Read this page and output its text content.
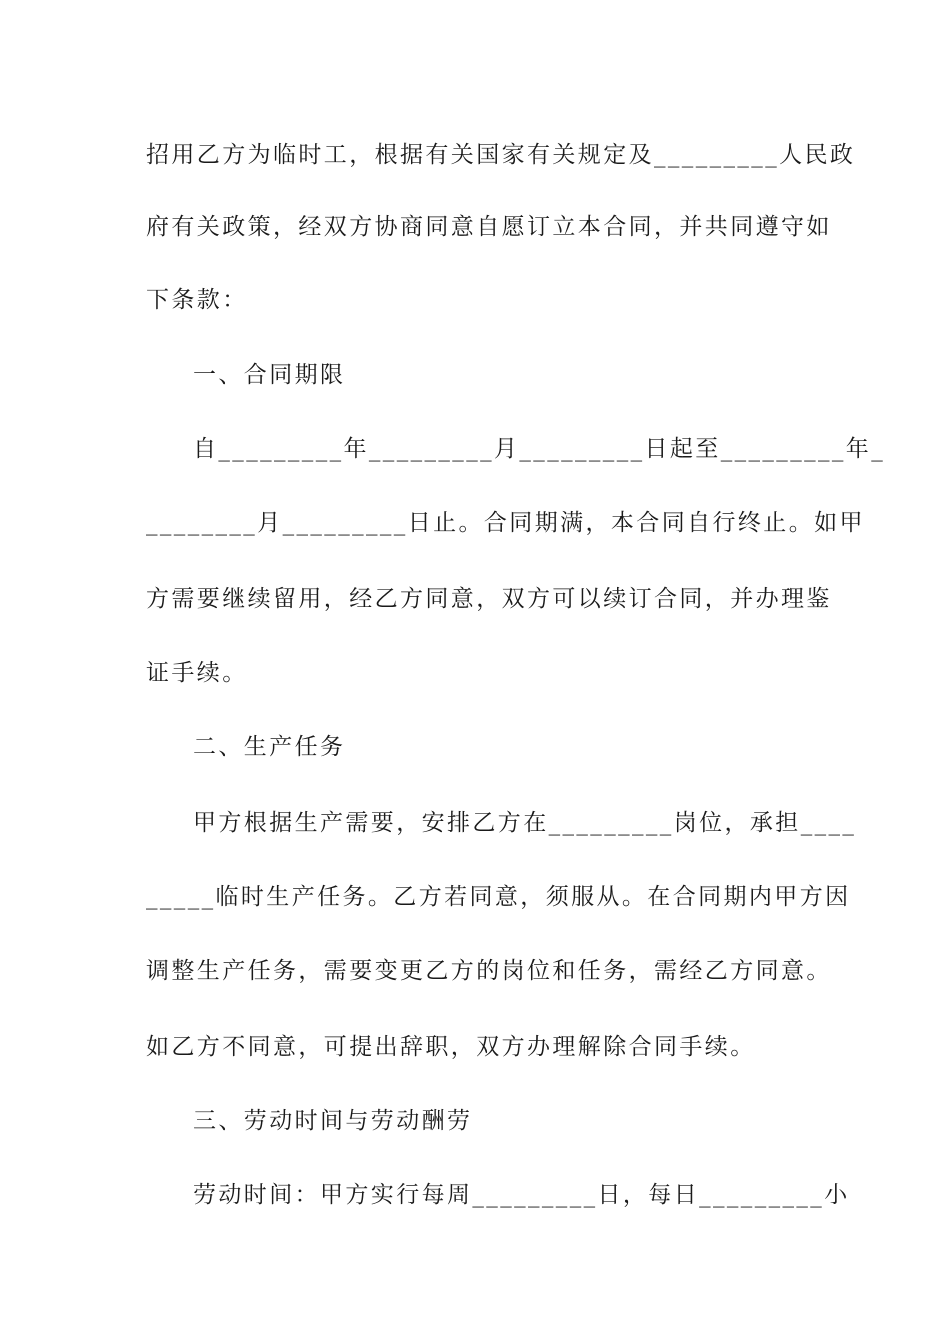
招用乙方为临时工，根据有关国家有关规定及_________人民政
府有关政策，经双方协商同意自愿订立本合同，并共同遵守如
下条款：
一、合同期限
自_________年_________月_________日起至_________年_
________月_________日止。合同期满，本合同自行终止。如甲
方需要继续留用，经乙方同意，双方可以续订合同，并办理鉴
证手续。
二、生产任务
甲方根据生产需要，安排乙方在_________岗位，承担____
_____临时生产任务。乙方若同意，须服从。在合同期内甲方因
调整生产任务，需要变更乙方的岗位和任务，需经乙方同意。
如乙方不同意，可提出辞职，双方办理解除合同手续。
三、劳动时间与劳动酬劳
劳动时间：甲方实行每周_________日，每日_________小
